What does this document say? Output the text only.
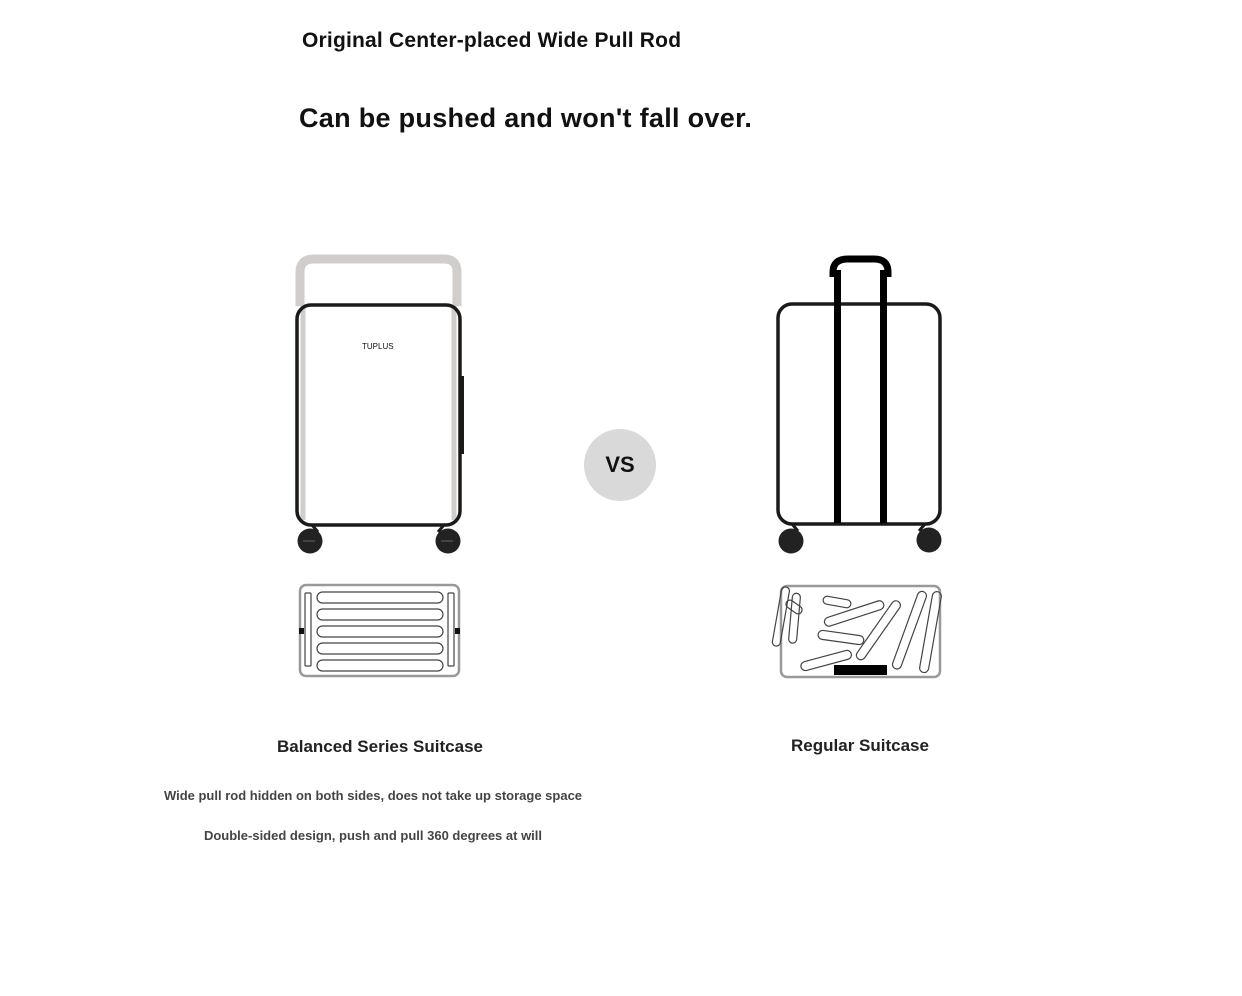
Original Center-placed Wide Pull Rod
Can be pushed and won't fall over.
TUPLUS
VS
Balanced Series Suitcase	Regular Suitcase
Wide pull rod hidden on both sides, does not take up storage space
Double-sided design, push and pull 360 degrees at will
